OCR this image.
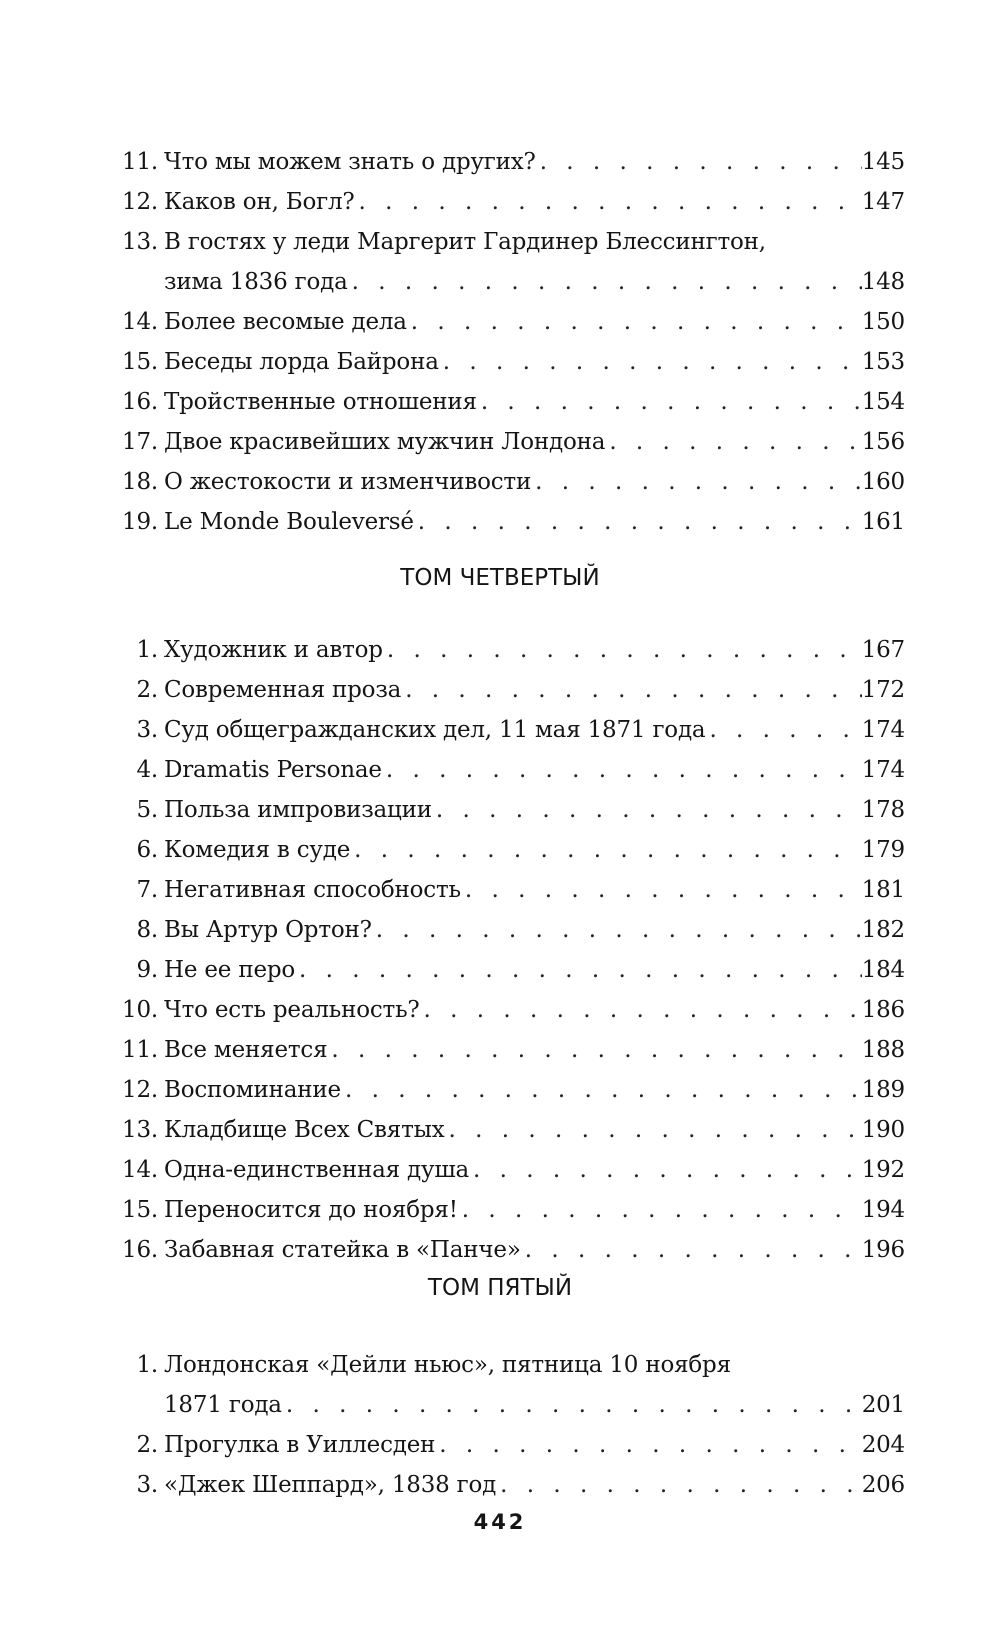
11. Что мы можем знать о других? . . .	145
12. Каков он, Богл? . . .	147
13. В гостях у леди Маргерит Гардинер Блессингтон,
зима 1836 года . . .	148
14. Более весомые дела . . .	150
15. Беседы лорда Байрона . . .	153
16. Тройственные отношения . . .	154
17. Двое красивейших мужчин Лондона . . .	156
18. О жестокости и изменчивости . . .	160
19. Le Monde Bouleversé . . .	161
ТОМ ЧЕТВЕРТЫЙ
1. Художник и автор . . .	167
2. Современная проза . . .	172
3. Суд общегражданских дел, 11 мая 1871 года . . .	174
4. Dramatis Personae . . .	174
5. Польза импровизации . . .	178
6. Комедия в суде . . .	179
7. Негативная способность . . .	181
8. Вы Артур Ортон? . . .	182
9. Не ее перо . . .	184
10. Что есть реальность? . . .	186
11. Все меняется . . .	188
12. Воспоминание . . .	189
13. Кладбище Всех Святых . . .	190
14. Одна-единственная душа . . .	192
15. Переносится до ноября! . . .	194
16. Забавная статейка в «Панче» . . .	196
ТОМ ПЯТЫЙ
1. Лондонская «Дейли ньюс», пятница 10 ноября
1871 года . . .	201
2. Прогулка в Уиллесден . . .	204
3. «Джек Шеппард», 1838 год . . .	206
442
